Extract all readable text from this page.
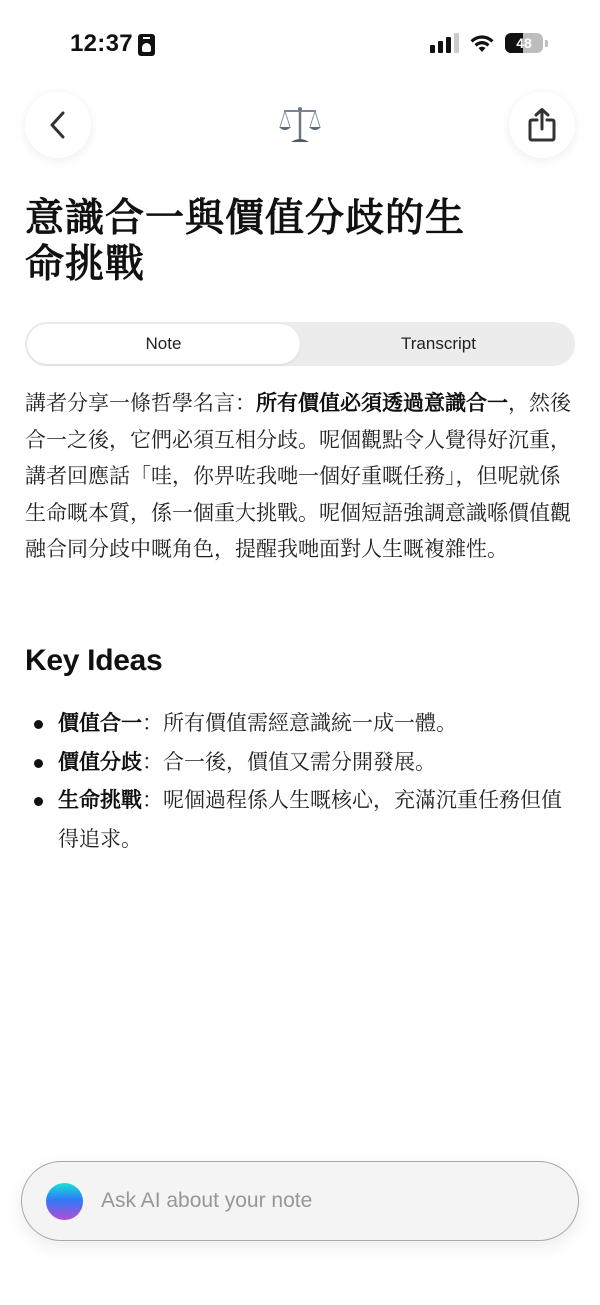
12:37	48
意識合一與價值分歧的生命挑戰
Note	Transcript

講者分享一條哲學名言：所有價值必須透過意識合一，然後合一之後，它們必須互相分歧。呢個觀點令人覺得好沉重，講者回應話「哇，你畀咗我哋一個好重嘅任務」，但呢就係生命嘅本質，係一個重大挑戰。呢個短語強調意識喺價值觀融合同分歧中嘅角色，提醒我哋面對人生嘅複雜性。

Key Ideas
價值合一：所有價值需經意識統一成一體。
價值分歧：合一後，價值又需分開發展。
生命挑戰：呢個過程係人生嘅核心，充滿沉重任務但值得追求。
Ask AI about your note
